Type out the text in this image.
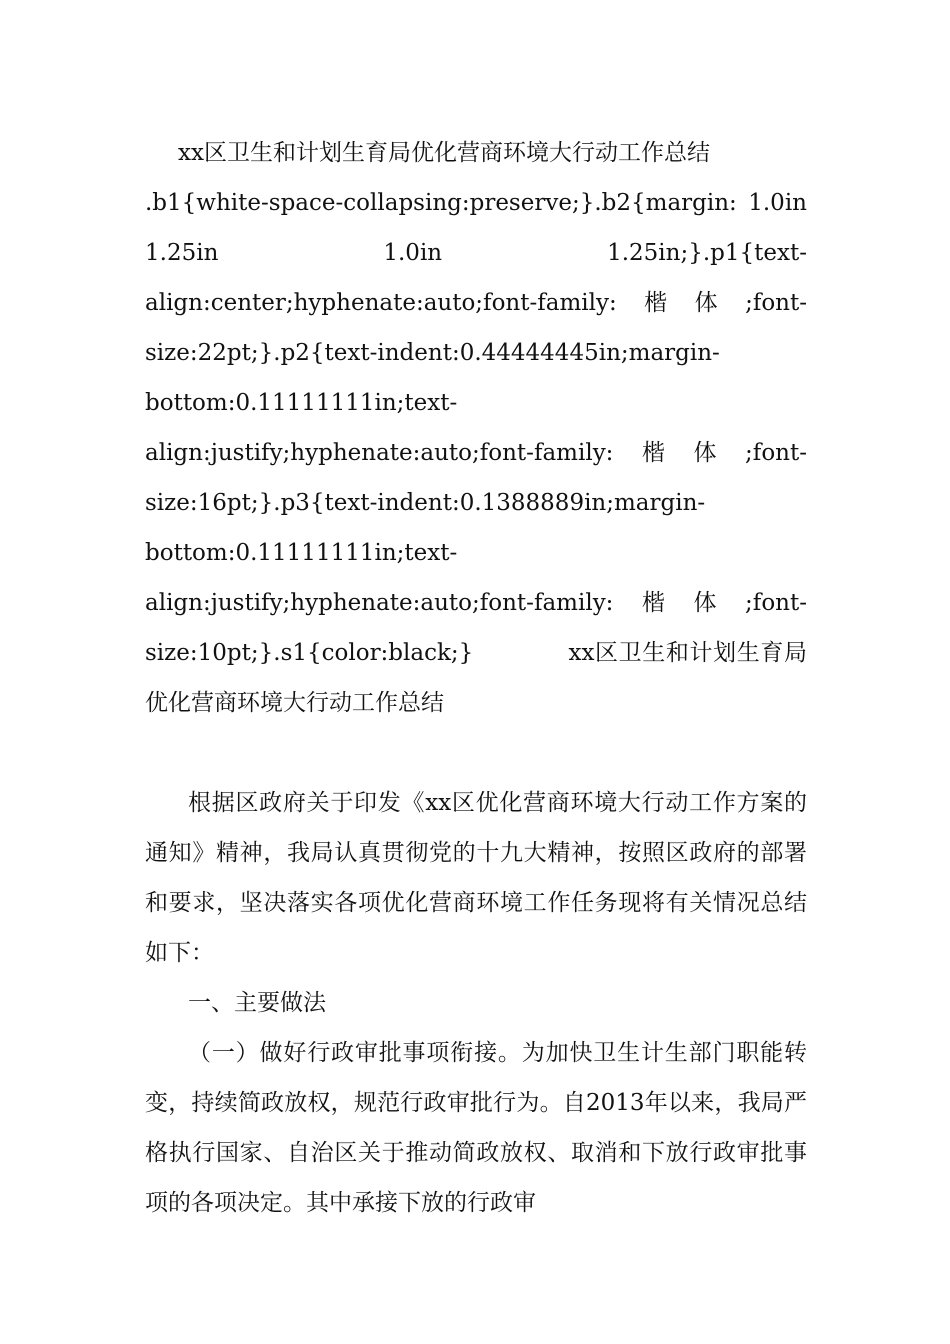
xx区卫生和计划生育局优化营商环境大行动工作总结

.b1{white-space-collapsing:preserve;}.b2{margin: 1.0in 1.25in 1.0in 1.25in;}.p1{text-align:center;hyphenate:auto;font-family:楷体;font-size:22pt;}.p2{text-indent:0.44444445in;margin-bottom:0.11111111in;text-align:justify;hyphenate:auto;font-family:楷体;font-size:16pt;}.p3{text-indent:0.1388889in;margin-bottom:0.11111111in;text-align:justify;hyphenate:auto;font-family:楷体;font-size:10pt;}.s1{color:black;}	xx区卫生和计划生育局优化营商环境大行动工作总结

根据区政府关于印发《xx区优化营商环境大行动工作方案的通知》精神，我局认真贯彻党的十九大精神，按照区政府的部署和要求，坚决落实各项优化营商环境工作任务现将有关情况总结如下：

一、主要做法

（一）做好行政审批事项衔接。为加快卫生计生部门职能转变，持续简政放权，规范行政审批行为。自2013年以来，我局严格执行国家、自治区关于推动简政放权、取消和下放行政审批事项的各项决定。其中承接下放的行政审
